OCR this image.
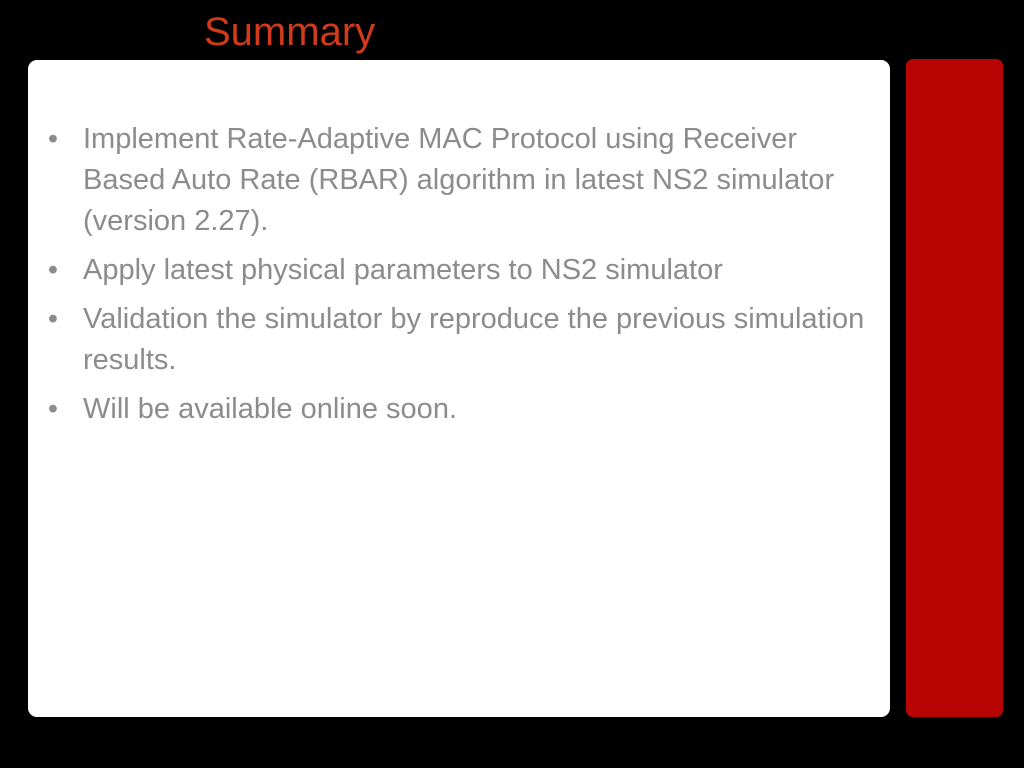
Summary
• Implement Rate-Adaptive MAC Protocol using Receiver Based Auto Rate (RBAR) algorithm in latest NS2 simulator (version 2.27).
• Apply latest physical parameters to NS2 simulator
• Validation the simulator by reproduce the previous simulation results.
• Will be available online soon.
